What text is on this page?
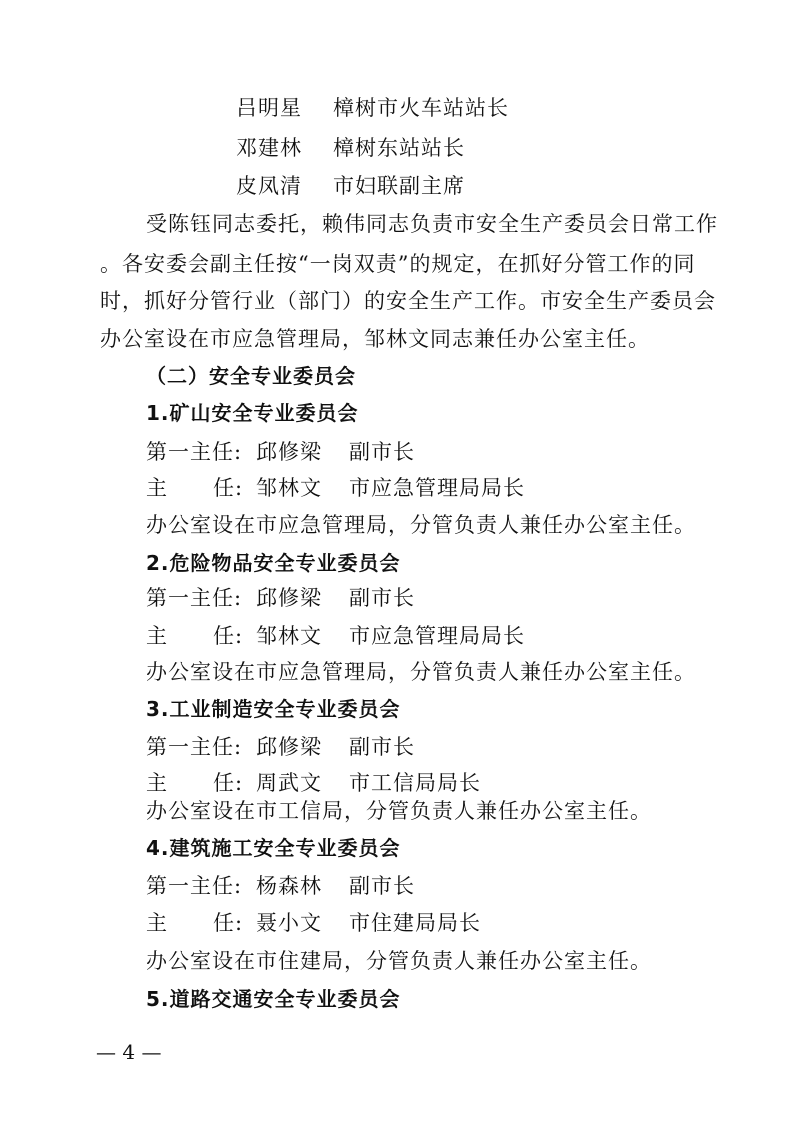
吕明星 樟树市火车站站长
邓建林 樟树东站站长
皮凤清 市妇联副主席
受陈钰同志委托，赖伟同志负责市安全生产委员会日常工作
。各安委会副主任按“一岗双责”的规定，在抓好分管工作的同
时，抓好分管行业（部门）的安全生产工作。市安全生产委员会
办公室设在市应急管理局，邹林文同志兼任办公室主任。
（二）安全专业委员会
1.矿山安全专业委员会
第一主任: 邱修梁 副市长
主 任: 邹林文 市应急管理局局长
办公室设在市应急管理局，分管负责人兼任办公室主任。
2.危险物品安全专业委员会
第一主任: 邱修梁 副市长
主 任: 邹林文 市应急管理局局长
办公室设在市应急管理局，分管负责人兼任办公室主任。
3.工业制造安全专业委员会
第一主任: 邱修梁 副市长
主 任: 周武文 市工信局局长
办公室设在市工信局，分管负责人兼任办公室主任。
4.建筑施工安全专业委员会
第一主任: 杨森林 副市长
主 任: 聂小文 市住建局局长
办公室设在市住建局，分管负责人兼任办公室主任。
5.道路交通安全专业委员会
— 4 —
